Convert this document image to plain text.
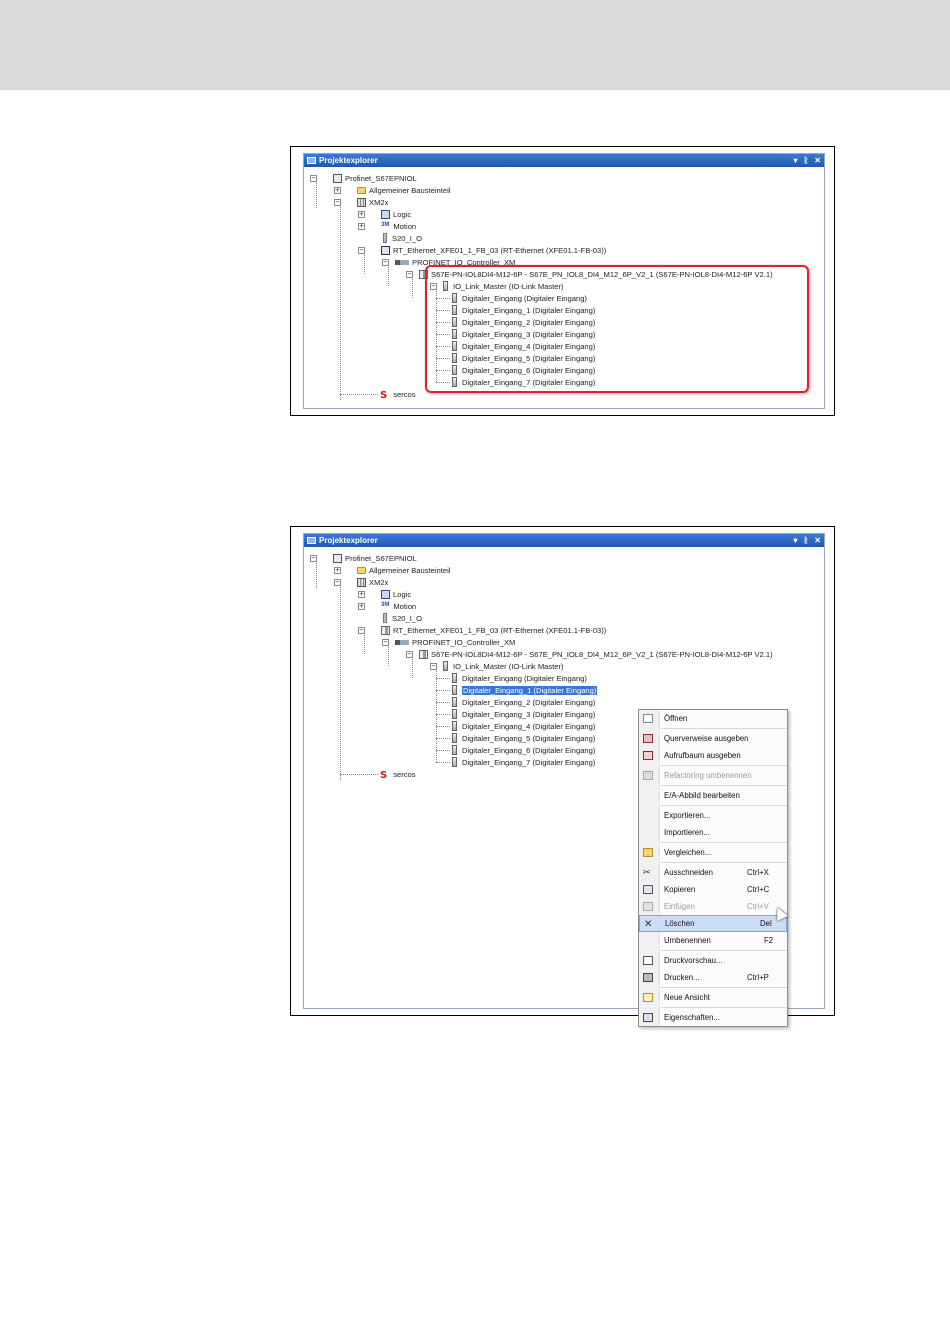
Projektexplorer	▾ ᚱ ✕
−	Profinet_S67EPNIOL
+	Allgemeiner Bausteinteil
−	XM2x
+	Logic
+	3M Motion
S20_I_O
−	RT_Ethernet_XFE01_1_FB_03 (RT-Ethernet (XFE01.1-FB-03))
−	PROFINET_IO_Controller_XM
−	S67E-PN-IOL8DI4-M12-6P - S67E_PN_IOL8_DI4_M12_6P_V2_1 (S67E-PN-IOL8-DI4-M12-6P V2.1)
− IO_Link_Master (IO-Link Master)
Digitaler_Eingang (Digitaler Eingang)
Digitaler_Eingang_1 (Digitaler Eingang)
Digitaler_Eingang_2 (Digitaler Eingang)
Digitaler_Eingang_3 (Digitaler Eingang)
Digitaler_Eingang_4 (Digitaler Eingang)
Digitaler_Eingang_5 (Digitaler Eingang)
Digitaler_Eingang_6 (Digitaler Eingang)
Digitaler_Eingang_7 (Digitaler Eingang)
S sercos
Projektexplorer	▾ ᚱ ✕
−	Profinet_S67EPNIOL
+	Allgemeiner Bausteinteil
−	XM2x
+	Logic
+	3M Motion
S20_I_O
−	RT_Ethernet_XFE01_1_FB_03 (RT-Ethernet (XFE01.1-FB-03))
−	PROFINET_IO_Controller_XM
−	S67E-PN-IOL8DI4-M12-6P - S67E_PN_IOL8_DI4_M12_6P_V2_1 (S67E-PN-IOL8-DI4-M12-6P V2.1)
− IO_Link_Master (IO-Link Master)
Digitaler_Eingang (Digitaler Eingang)
Digitaler_Eingang_1 (Digitaler Eingang)
Digitaler_Eingang_2 (Digitaler Eingang)
Digitaler_Eingang_3 (Digitaler Eingang)
Digitaler_Eingang_4 (Digitaler Eingang)
Digitaler_Eingang_5 (Digitaler Eingang)
Digitaler_Eingang_6 (Digitaler Eingang)
Digitaler_Eingang_7 (Digitaler Eingang)
S sercos
Öffnen
Querverweise ausgeben
Aufrufbaum ausgeben
Refactoring umbenennen
E/A-Abbild bearbeiten
Exportieren...
Importieren...
Vergleichen...
✂	Ausschneiden	Ctrl+X
Kopieren	Ctrl+C
Einfügen	Ctrl+V
✕ Löschen	Del
Umbenennen	F2
Druckvorschau...
Drucken...	Ctrl+P
Neue Ansicht
Eigenschaften...
